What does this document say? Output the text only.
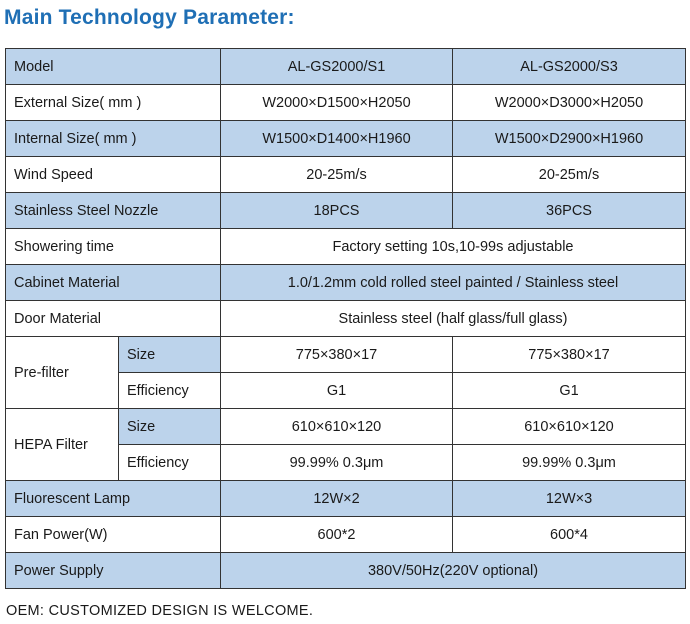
Main Technology Parameter:
Model		AL-GS2000/S1	AL-GS2000/S3
External Size( mm )		W2000×D1500×H2050	W2000×D3000×H2050
Internal Size( mm )		W1500×D1400×H1960	W1500×D2900×H1960
Wind Speed		20-25m/s	20-25m/s
Stainless Steel Nozzle		18PCS	36PCS
Showering time		Factory setting 10s,10-99s adjustable	
Cabinet Material		1.0/1.2mm cold rolled steel painted / Stainless steel	
Door Material		Stainless steel (half glass/full glass)	
Pre-filter	Size	775×380×17	775×380×17
	Efficiency	G1	G1
HEPA Filter	Size	610×610×120	610×610×120
	Efficiency	99.99% 0.3μm	99.99% 0.3μm
Fluorescent Lamp		12W×2	12W×3
Fan Power(W)		600*2	600*4
Power Supply		380V/50Hz(220V optional)	

OEM: CUSTOMIZED DESIGN IS WELCOME.
